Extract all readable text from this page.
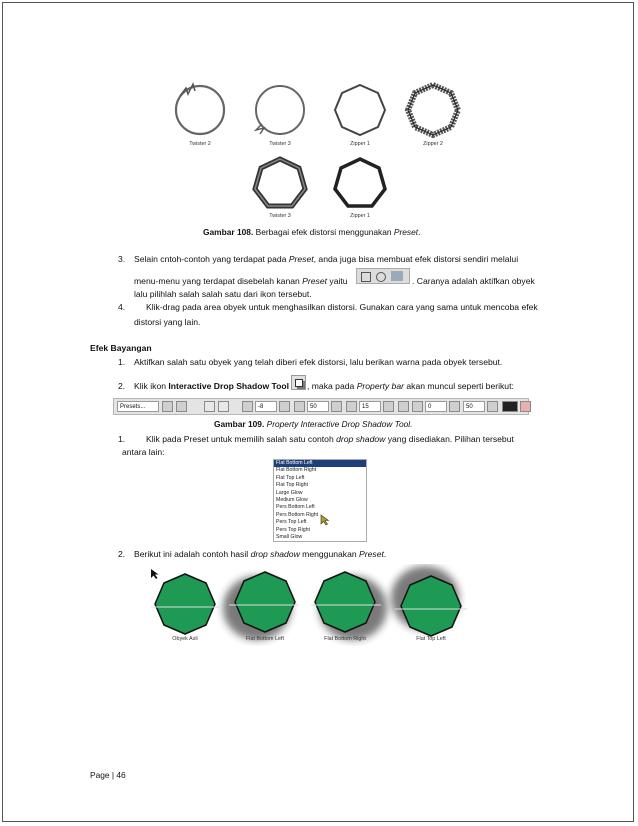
Twister 2	Twister 3	Zipper 1	Zipper 2
Twister 3	Zipper 1
Gambar 108. Berbagai efek distorsi menggunakan Preset.
3. Selain cntoh-contoh yang terdapat pada Preset, anda juga bisa membuat efek distorsi sendiri melalui
menu-menu yang terdapat disebelah kanan Preset yaitu	. Caranya adalah aktifkan obyek
lalu pilihlah salah salah satu dari ikon tersebut.
4. Klik-drag pada area obyek untuk menghasilkan distorsi. Gunakan cara yang sama untuk mencoba efek
distorsi yang lain.
Efek Bayangan
1. Aktifkan salah satu obyek yang telah diberi efek distorsi, lalu berikan warna pada obyek tersebut.
2. Klik ikon Interactive Drop Shadow Tool , maka pada Property bar akan muncul seperti berikut:
Presets...	-8	50	15	0	50
Gambar 109. Property Interactive Drop Shadow Tool.
1. Klik pada Preset untuk memilih salah satu contoh drop shadow yang disediakan. Pilihan tersebut
antara lain:
Flat Bottom Left
Flat Bottom Right
Flat Top Left
Flat Top Right
Large Glow
Medium Glow
Pers Bottom Left
Pers Bottom Right
Pers Top Left
Pers Top Right
Small Glow
2. Berikut ini adalah contoh hasil drop shadow menggunakan Preset.
Obyek Asli	Flat Bottom Left	Flat Bottom Right	Flat Top Left
Page | 46
